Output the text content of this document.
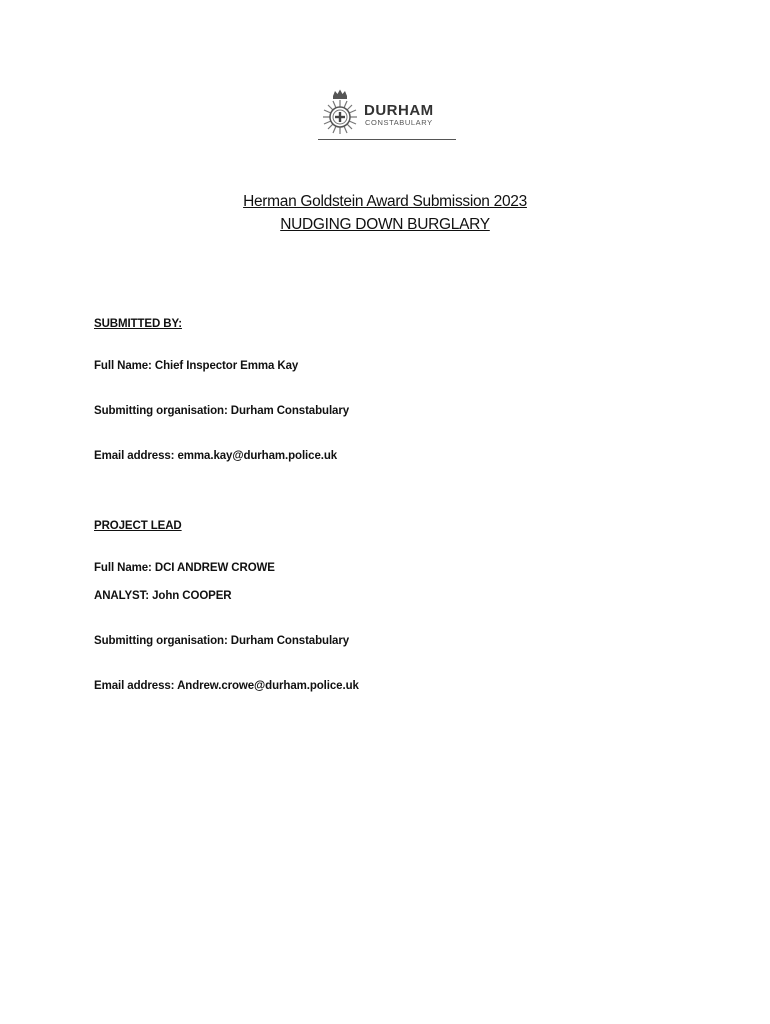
DURHAM
CONSTABULARY
Herman Goldstein Award Submission 2023
NUDGING DOWN BURGLARY
SUBMITTED BY:
Full Name: Chief Inspector Emma Kay
Submitting organisation: Durham Constabulary
Email address: emma.kay@durham.police.uk
PROJECT LEAD
Full Name: DCI ANDREW CROWE
ANALYST: John COOPER
Submitting organisation: Durham Constabulary
Email address: Andrew.crowe@durham.police.uk
